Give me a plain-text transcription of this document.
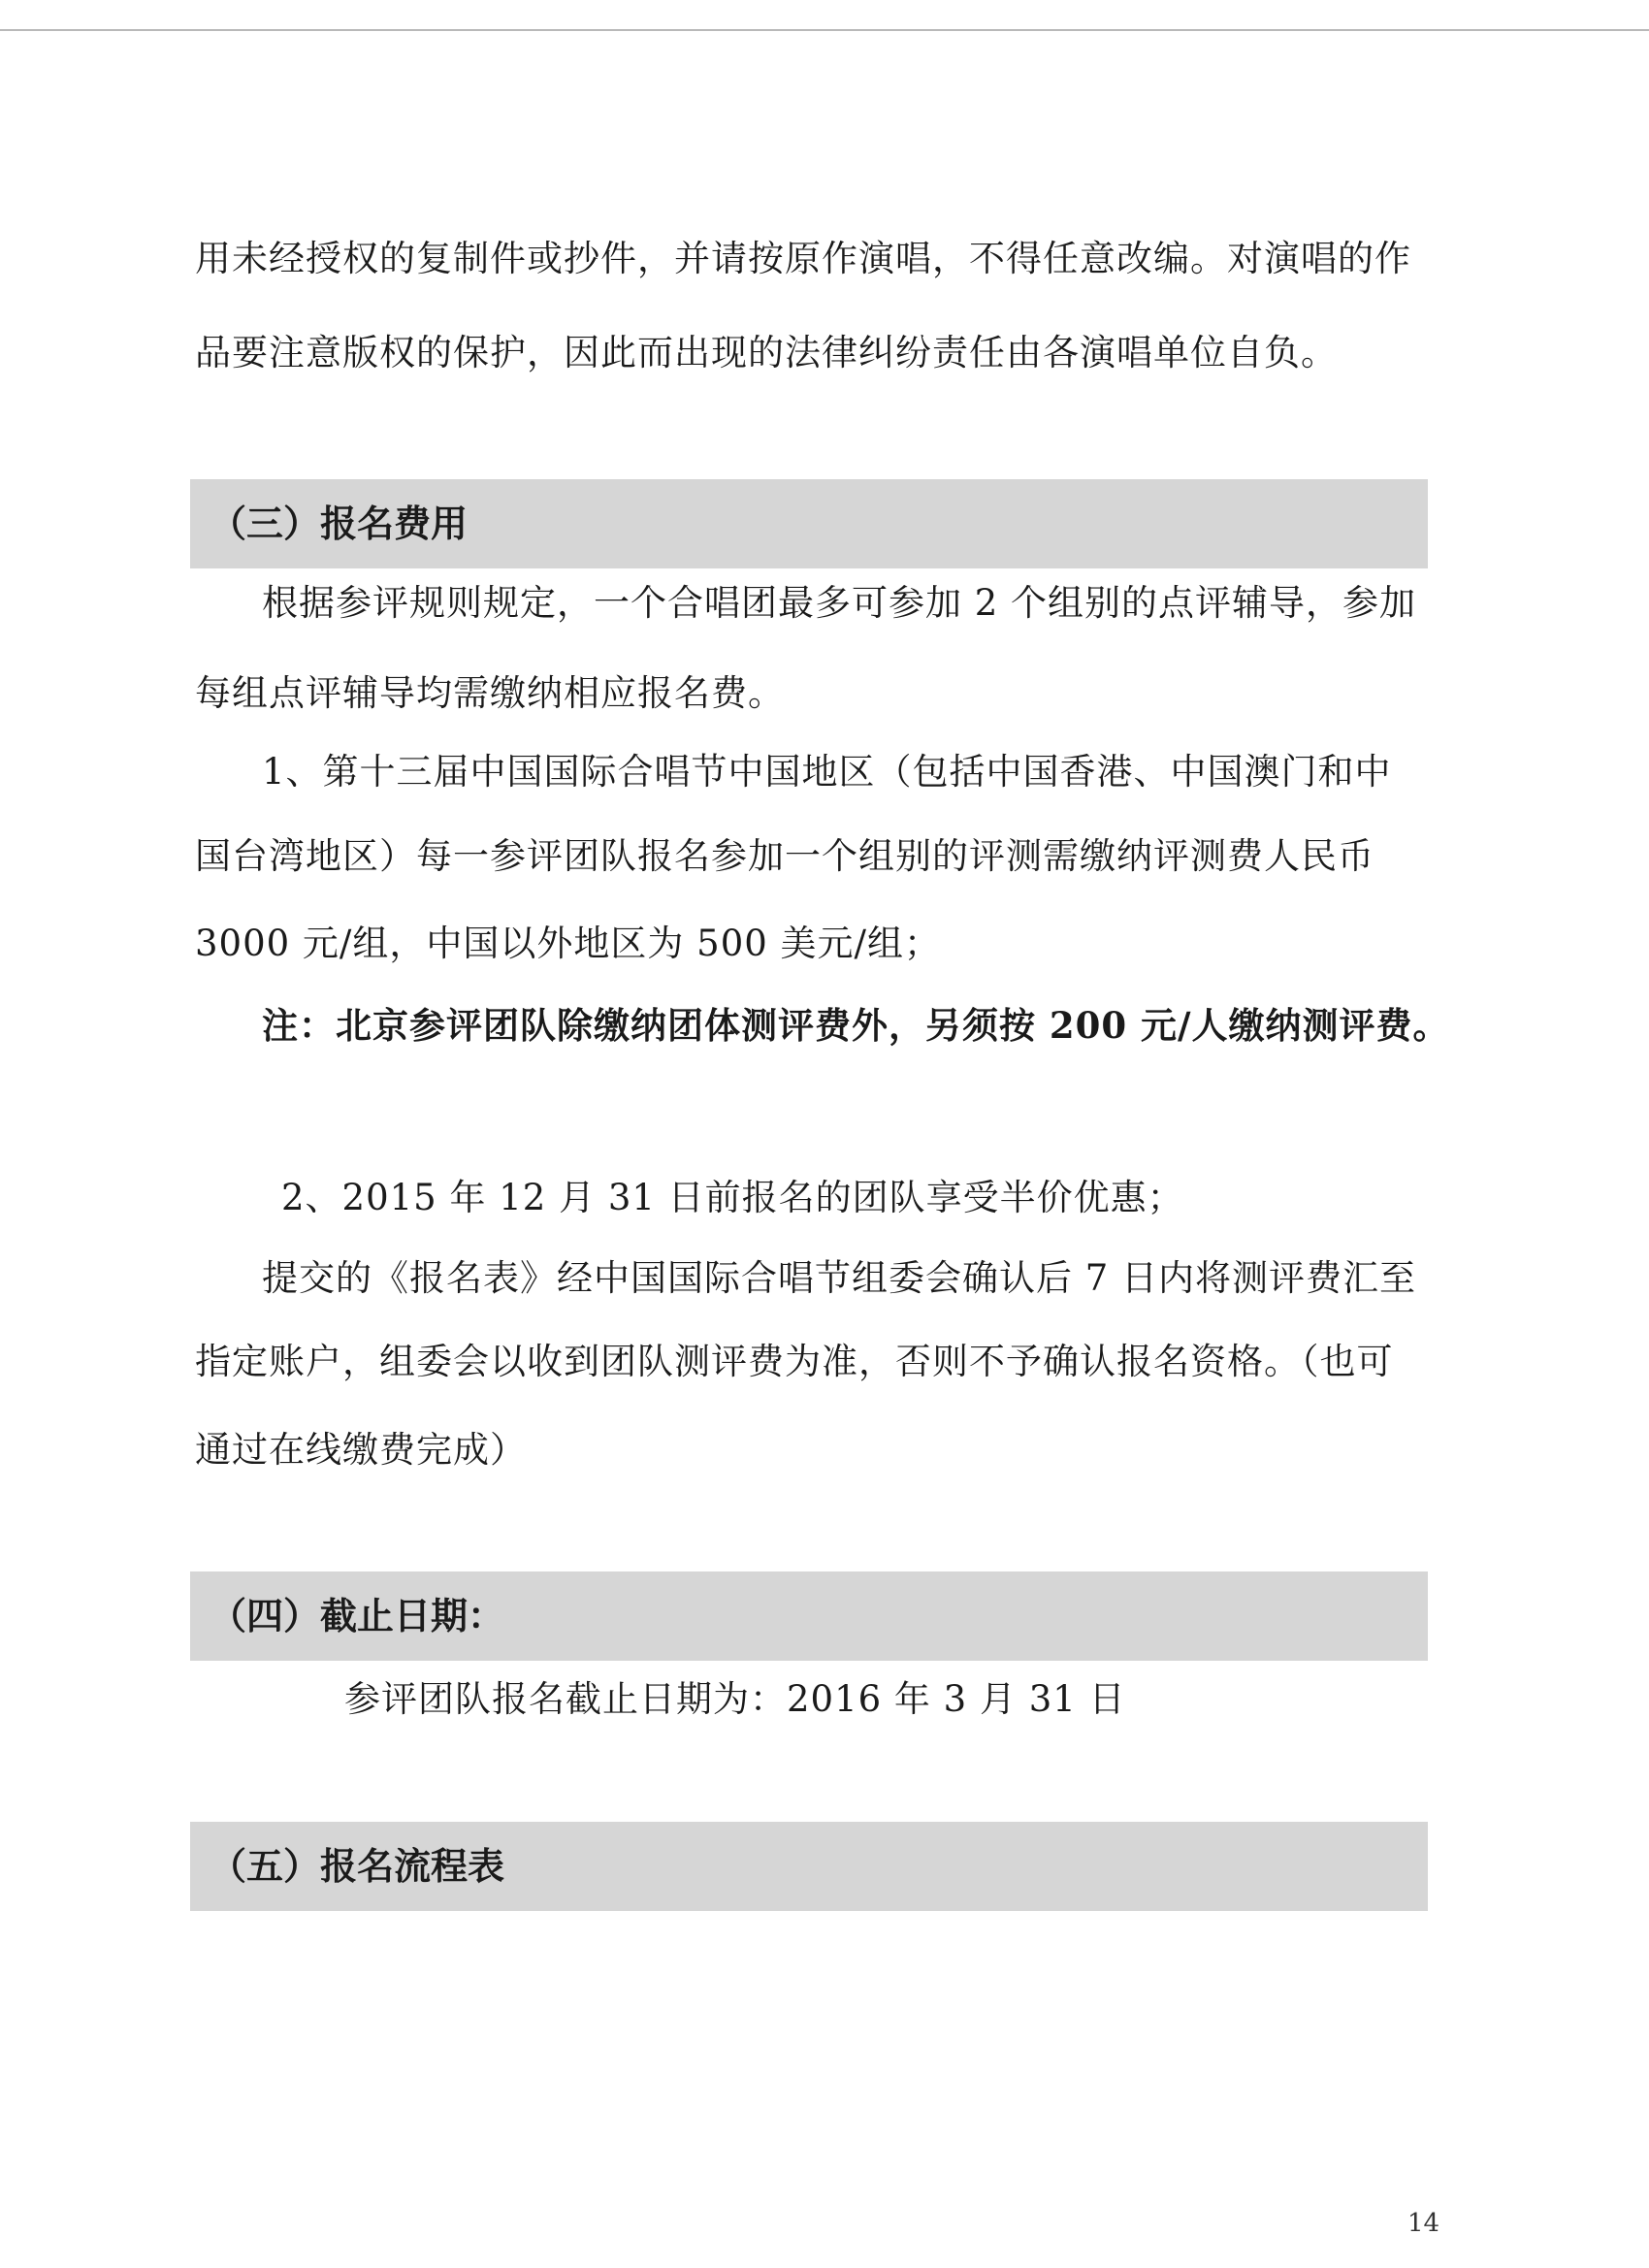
用未经授权的复制件或抄件，并请按原作演唱，不得任意改编。对演唱的作
品要注意版权的保护，因此而出现的法律纠纷责任由各演唱单位自负。
（三）报名费用
根据参评规则规定，一个合唱团最多可参加 2 个组别的点评辅导，参加
每组点评辅导均需缴纳相应报名费。
1、第十三届中国国际合唱节中国地区（包括中国香港、中国澳门和中
国台湾地区）每一参评团队报名参加一个组别的评测需缴纳评测费人民币
3000 元/组，中国以外地区为 500 美元/组；
注：北京参评团队除缴纳团体测评费外，另须按 200 元/人缴纳测评费。
2、2015 年 12 月 31 日前报名的团队享受半价优惠；
提交的《报名表》经中国国际合唱节组委会确认后 7 日内将测评费汇至
指定账户，组委会以收到团队测评费为准，否则不予确认报名资格。（也可
通过在线缴费完成）
（四）截止日期：
参评团队报名截止日期为：2016 年 3 月 31 日
（五）报名流程表
14
